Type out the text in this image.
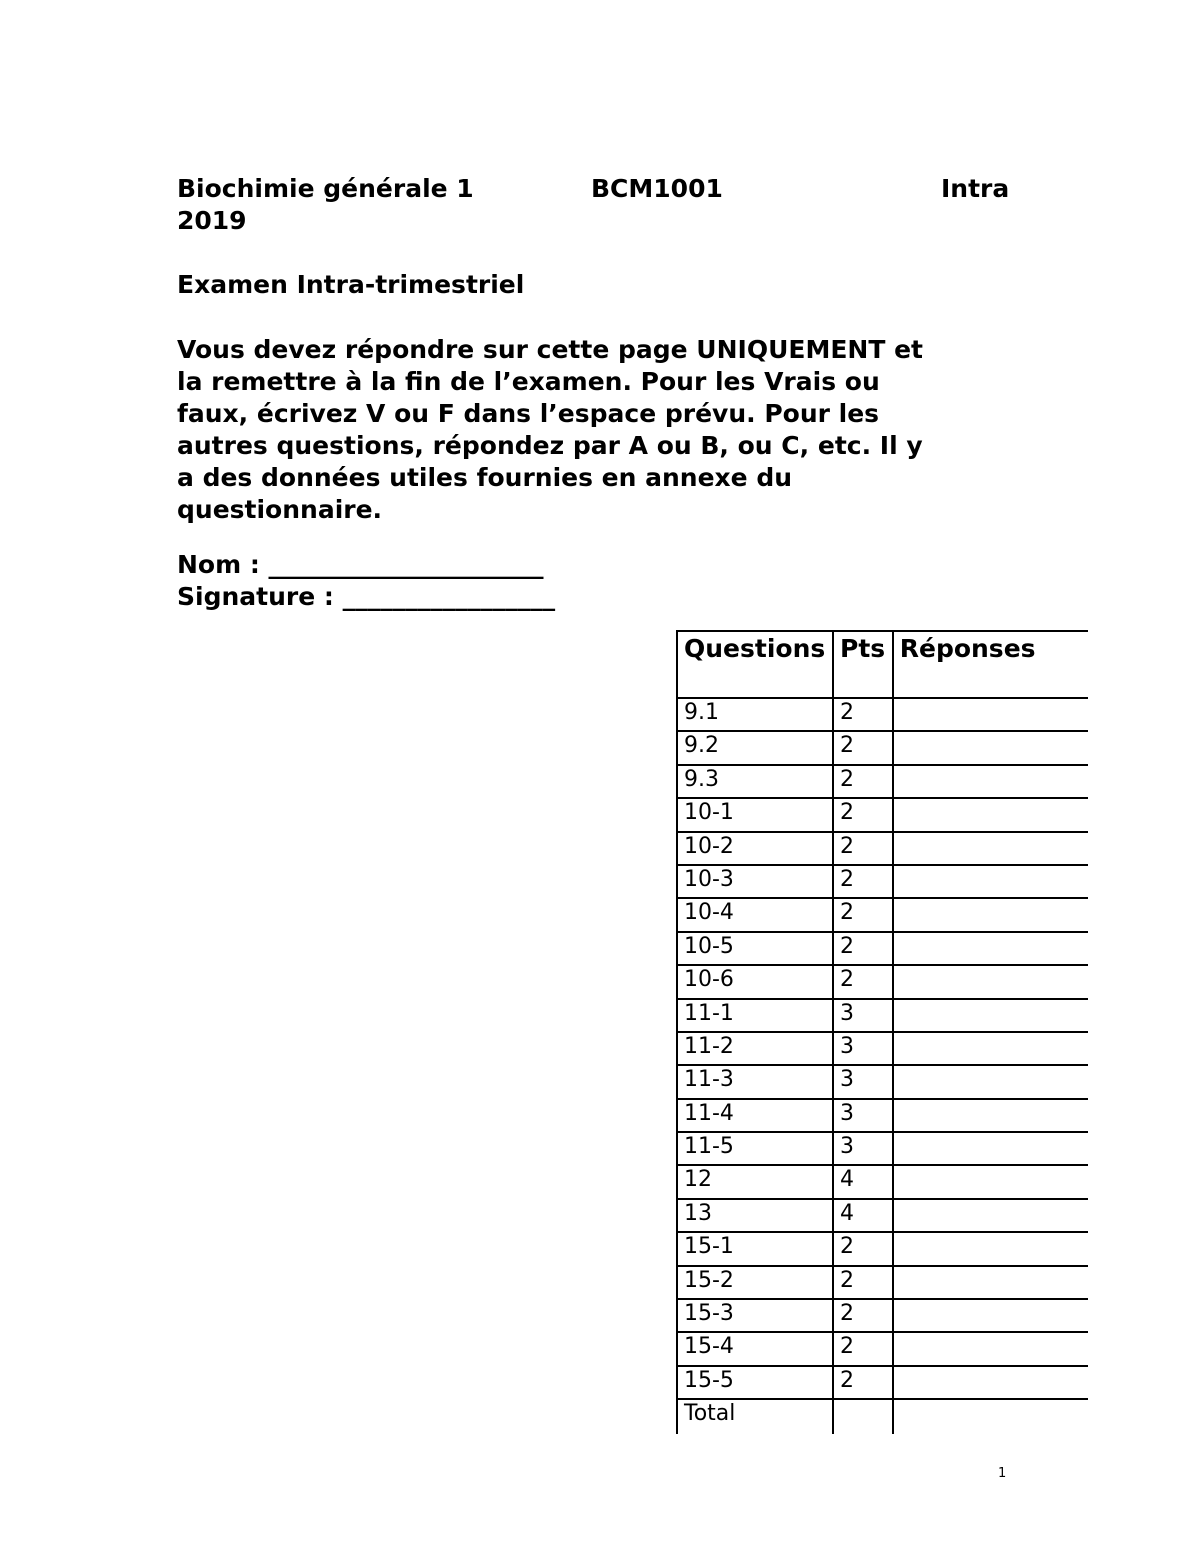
Biochimie générale 1	BCM1001	Intra
2019
Examen Intra-trimestriel
Vous devez répondre sur cette page UNIQUEMENT et
la remettre à la fin de l’examen. Pour les Vrais ou
faux, écrivez V ou F dans l’espace prévu. Pour les
autres questions, répondez par A ou B, ou C, etc. Il y
a des données utiles fournies en annexe du
questionnaire.
Nom : ______________________
Signature : _________________
Questions	Pts	Réponses
9.1	2	
9.2	2	
9.3	2	
10-1	2	
10-2	2	
10-3	2	
10-4	2	
10-5	2	
10-6	2	
11-1	3	
11-2	3	
11-3	3	
11-4	3	
11-5	3	
12	4	
13	4	
15-1	2	
15-2	2	
15-3	2	
15-4	2	
15-5	2	
Total		
1
